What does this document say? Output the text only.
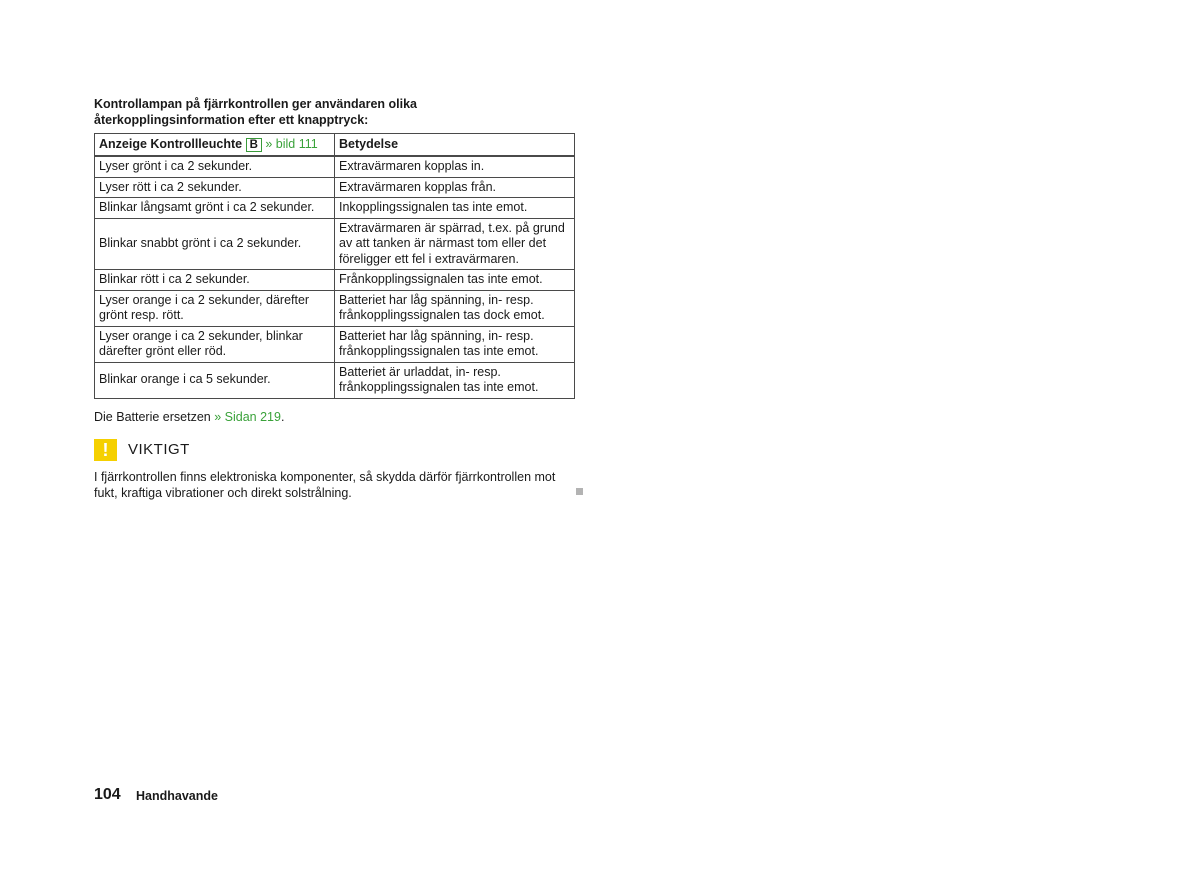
Kontrollampan på fjärrkontrollen ger användaren olika återkopplingsinformation efter ett knapptryck:
Anzeige Kontrollleuchte B » bild 111	Betydelse
Lyser grönt i ca 2 sekunder.	Extravärmaren kopplas in.
Lyser rött i ca 2 sekunder.	Extravärmaren kopplas från.
Blinkar långsamt grönt i ca 2 sekunder.	Inkopplingssignalen tas inte emot.
Blinkar snabbt grönt i ca 2 sekunder.	Extravärmaren är spärrad, t.ex. på grund av att tanken är närmast tom eller det föreligger ett fel i extravärmaren.
Blinkar rött i ca 2 sekunder.	Frånkopplingssignalen tas inte emot.
Lyser orange i ca 2 sekunder, därefter grönt resp. rött.	Batteriet har låg spänning, in- resp. frånkopplingssignalen tas dock emot.
Lyser orange i ca 2 sekunder, blinkar därefter grönt eller röd.	Batteriet har låg spänning, in- resp. frånkopplingssignalen tas inte emot.
Blinkar orange i ca 5 sekunder.	Batteriet är urladdat, in- resp. frånkopplingssignalen tas inte emot.
Die Batterie ersetzen » Sidan 219.
!	VIKTIGT
I fjärrkontrollen finns elektroniska komponenter, så skydda därför fjärrkontrollen mot fukt, kraftiga vibrationer och direkt solstrålning.
104 Handhavande
